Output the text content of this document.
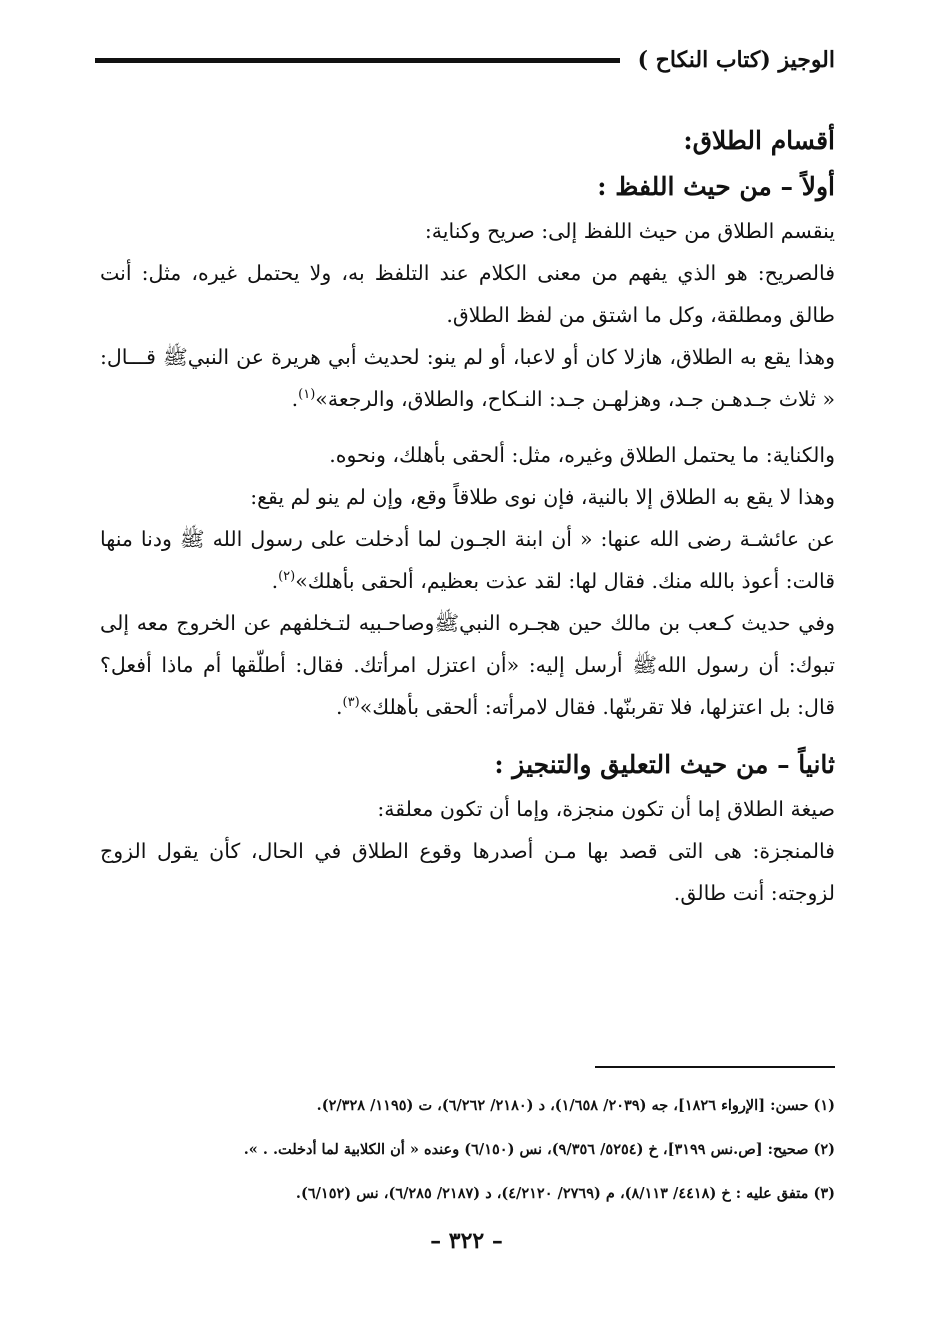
الوجيز (كتاب النكاح )

أقسام الطلاق:

أولاً – من حيث اللفظ :

ينقسم الطلاق من حيث اللفظ إلى: صريح وكناية:

فالصريح: هو الذي يفهم من معنى الكلام عند التلفظ به، ولا يحتمل غيره، مثل: أنت طالق ومطلقة، وكل ما اشتق من لفظ الطلاق.

وهذا يقع به الطلاق، هازلا كان أو لاعبا، أو لم ينو: لحديث أبي هريرة عن النبيﷺ قـــال: « ثلاث جـدهـن جـد، وهزلهـن جـد: النـكاح، والطلاق، والرجعة»$^{(١)}$.

والكناية: ما يحتمل الطلاق وغيره، مثل: ألحقى بأهلك، ونحوه.

وهذا لا يقع به الطلاق إلا بالنية، فإن نوى طلاقاً وقع، وإن لم ينو لم يقع:

عن عائشـة رضى الله عنها: « أن ابنة الجـون لما أدخلت على رسول الله ﷺ ودنا منها قالت: أعوذ بالله منك. فقال لها: لقد عذت بعظيم، ألحقى بأهلك»$^{(٢)}$.

وفي حديث كـعب بن مالك حين هجـره النبيﷺوصاحـبيه لتـخلفهم عن الخروج معه إلى تبوك: أن رسول اللهﷺ أرسل إليه: «أن اعتزل امرأتك. فقال: أطلّقها أم ماذا أفعل؟ قال: بل اعتزلها، فلا تقربنّها. فقال لامرأته: ألحقى بأهلك»$^{(٣)}$.

ثانياً – من حيث التعليق والتنجيز :

صيغة الطلاق إما أن تكون منجزة، وإما أن تكون معلقة:

فالمنجزة: هى التى قصد بها مـن أصدرها وقوع الطلاق في الحال، كأن يقول الزوج لزوجته: أنت طالق.

(١) حسن: [الإرواء ١٨٢٦]، جه (٢٠٣٩/ ١/٦٥٨)، د (٢١٨٠/ ٦/٢٦٢)، ت (١١٩٥/ ٢/٣٢٨).

(٢) صحيح: [ص.نس ٣١٩٩]، خ (٥٢٥٤/ ٩/٣٥٦)، نس (٦/١٥٠) وعنده « أن الكلابية لما أدخلت. . ».

(٣) متفق عليه : خ (٤٤١٨/ ٨/١١٣)، م (٢٧٦٩/ ٤/٢١٢٠)، د (٢١٨٧/ ٦/٢٨٥)، نس (٦/١٥٢).

– ٣٢٢ –
